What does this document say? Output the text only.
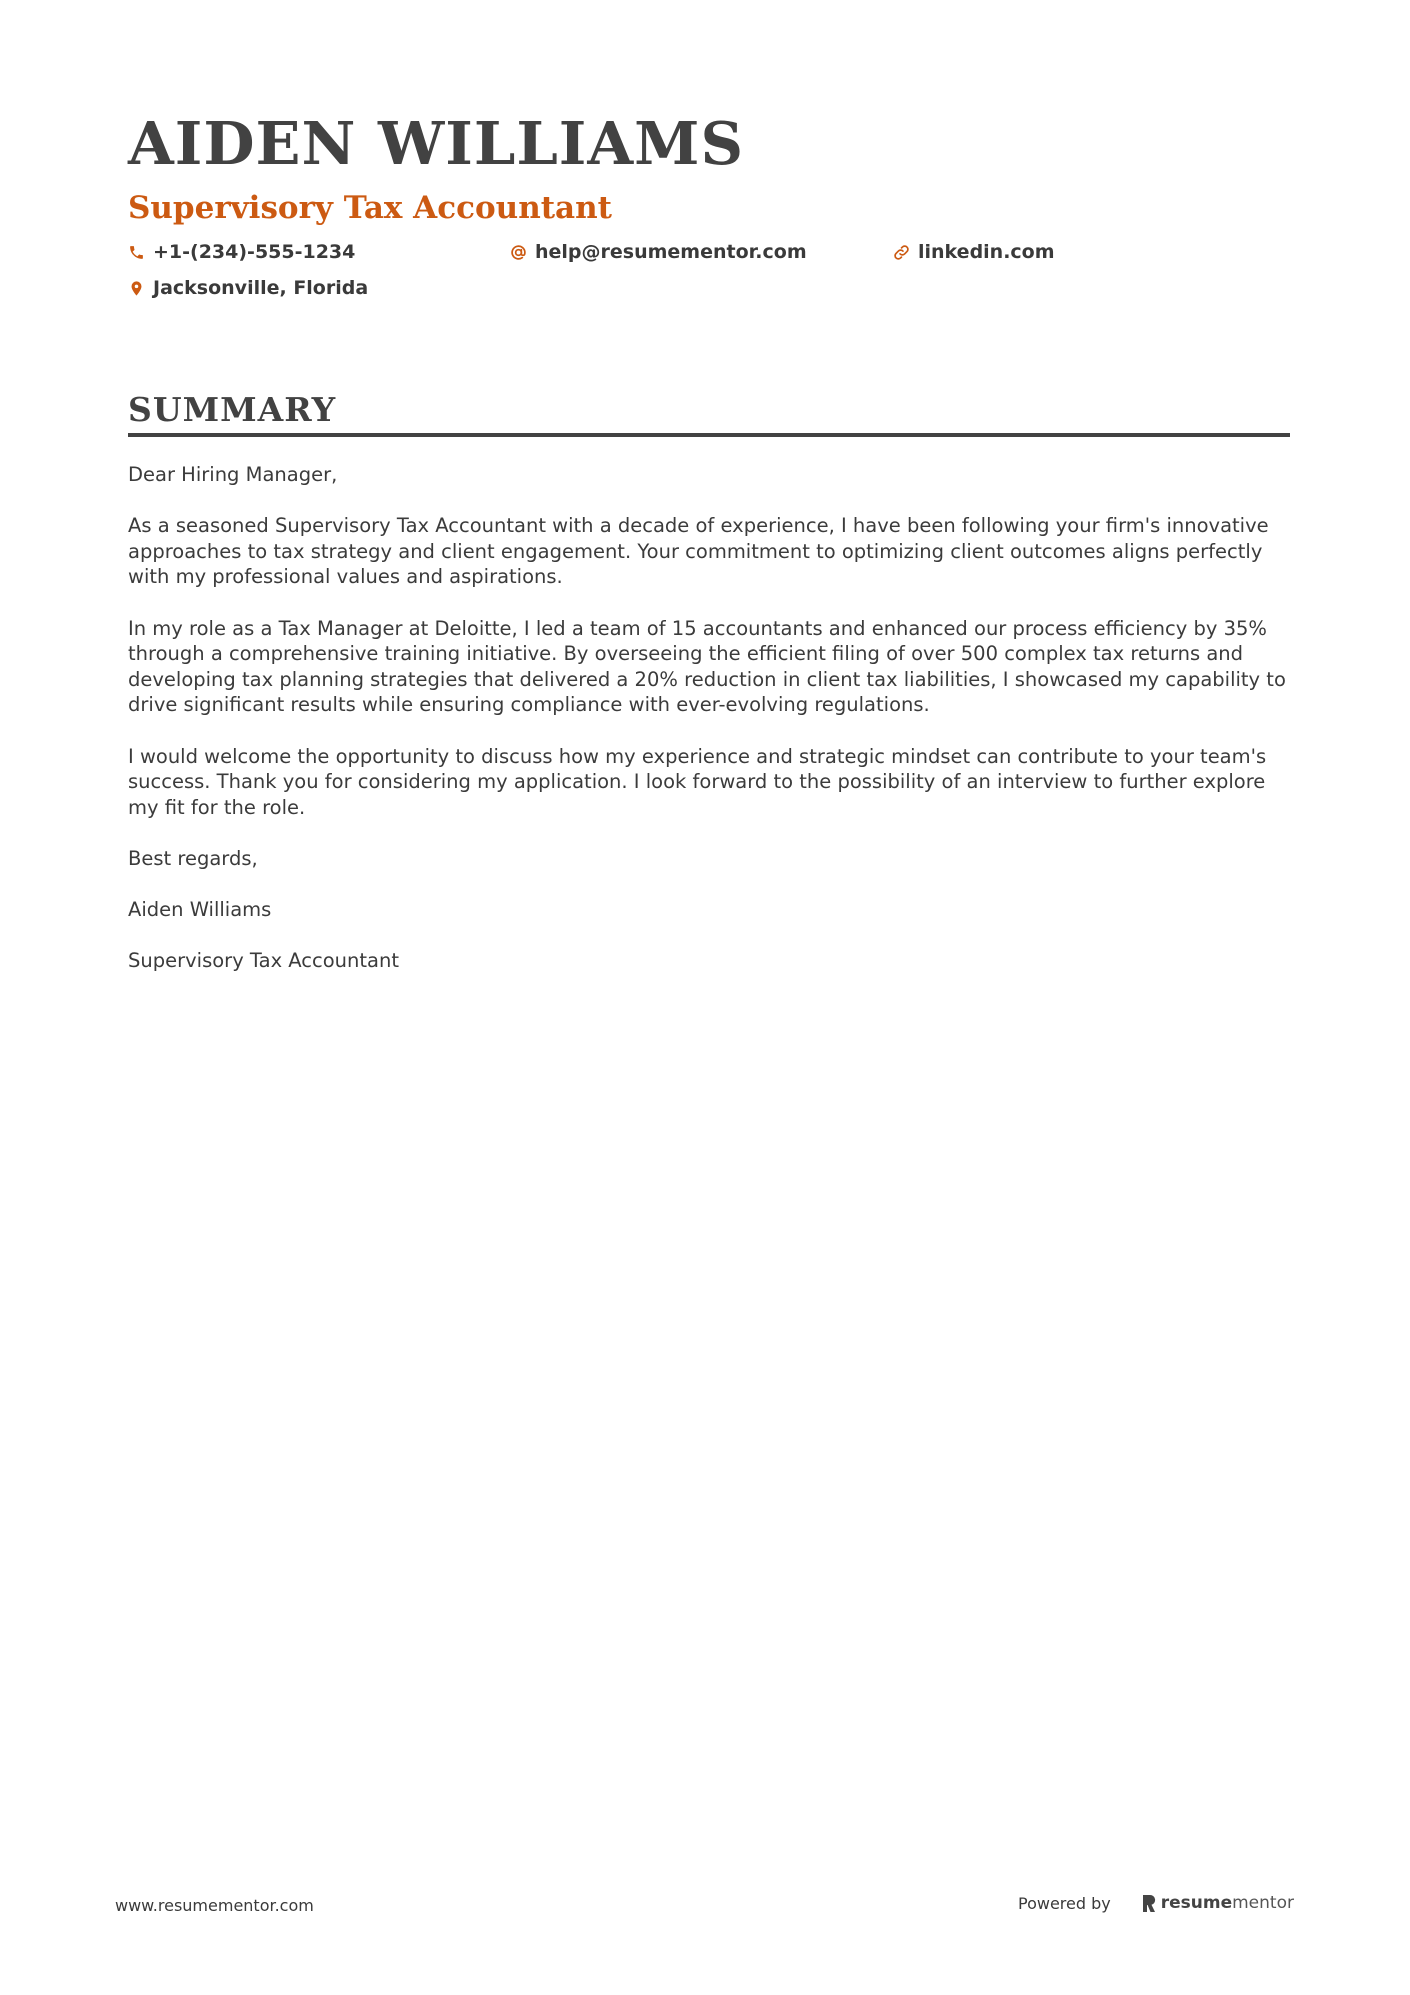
AIDEN WILLIAMS
Supervisory Tax Accountant
+1-(234)-555-1234	help@resumementor.com	linkedin.com
Jacksonville, Florida
SUMMARY

Dear Hiring Manager,

As a seasoned Supervisory Tax Accountant with a decade of experience, I have been following your firm's innovative approaches to tax strategy and client engagement. Your commitment to optimizing client outcomes aligns perfectly with my professional values and aspirations.

In my role as a Tax Manager at Deloitte, I led a team of 15 accountants and enhanced our process efficiency by 35% through a comprehensive training initiative. By overseeing the efficient filing of over 500 complex tax returns and developing tax planning strategies that delivered a 20% reduction in client tax liabilities, I showcased my capability to drive significant results while ensuring compliance with ever-evolving regulations.

I would welcome the opportunity to discuss how my experience and strategic mindset can contribute to your team's success. Thank you for considering my application. I look forward to the possibility of an interview to further explore my fit for the role.

Best regards,

Aiden Williams

Supervisory Tax Accountant

www.resumementor.com	Powered by	resume mentor
